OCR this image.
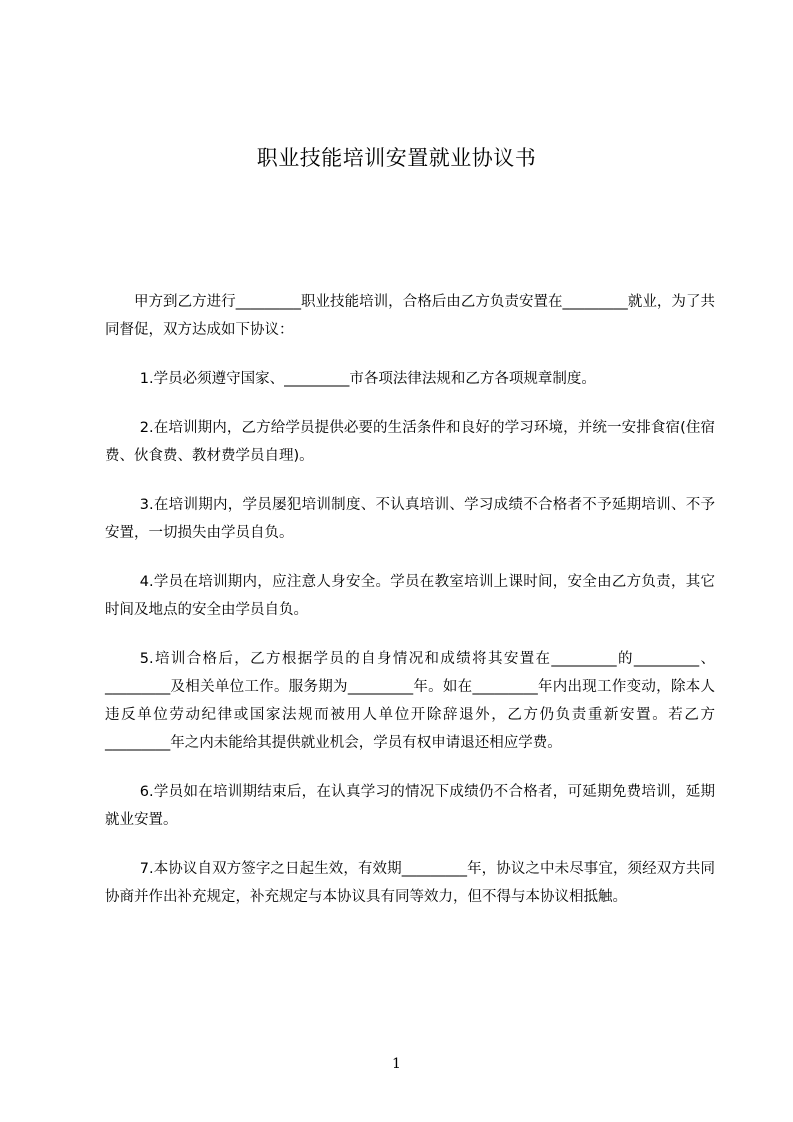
职业技能培训安置就业协议书

甲方到乙方进行_________职业技能培训，合格后由乙方负责安置在_________就业，为了共同督促，双方达成如下协议：

1.学员必须遵守国家、_________市各项法律法规和乙方各项规章制度。

2.在培训期内，乙方给学员提供必要的生活条件和良好的学习环境，并统一安排食宿(住宿费、伙食费、教材费学员自理)。

3.在培训期内，学员屡犯培训制度、不认真培训、学习成绩不合格者不予延期培训、不予安置，一切损失由学员自负。

4.学员在培训期内，应注意人身安全。学员在教室培训上课时间，安全由乙方负责，其它时间及地点的安全由学员自负。

5.培训合格后，乙方根据学员的自身情况和成绩将其安置在_________的_________、_________及相关单位工作。服务期为_________年。如在_________年内出现工作变动，除本人违反单位劳动纪律或国家法规而被用人单位开除辞退外，乙方仍负责重新安置。若乙方_________年之内未能给其提供就业机会，学员有权申请退还相应学费。

6.学员如在培训期结束后，在认真学习的情况下成绩仍不合格者，可延期免费培训，延期就业安置。

7.本协议自双方签字之日起生效，有效期_________年，协议之中未尽事宜，须经双方共同协商并作出补充规定，补充规定与本协议具有同等效力，但不得与本协议相抵触。

1
